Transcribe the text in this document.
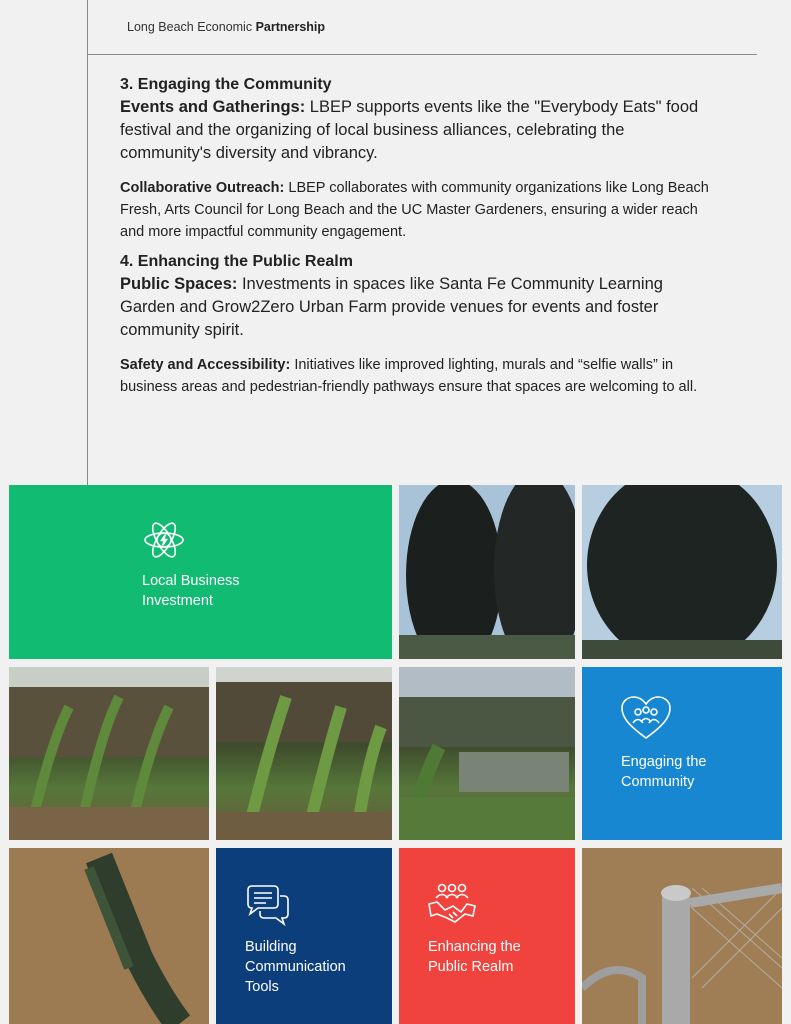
Long Beach Economic Partnership

3. Engaging the Community

Events and Gatherings: LBEP supports events like the "Everybody Eats" food festival and the organizing of local business alliances, celebrating the community's diversity and vibrancy.

Collaborative Outreach: LBEP collaborates with community organizations like Long Beach Fresh, Arts Council for Long Beach and the UC Master Gardeners, ensuring a wider reach and more impactful community engagement.

4. Enhancing the Public Realm

Public Spaces: Investments in spaces like Santa Fe Community Learning Garden and Grow2Zero Urban Farm provide venues for events and foster community spirit.

Safety and Accessibility: Initiatives like improved lighting, murals and “selfie walls” in business areas and pedestrian-friendly pathways ensure that spaces are welcoming to all.

Local Business
Investment
Engaging the
Community
Building
Communication
Tools
Enhancing the
Public Realm
